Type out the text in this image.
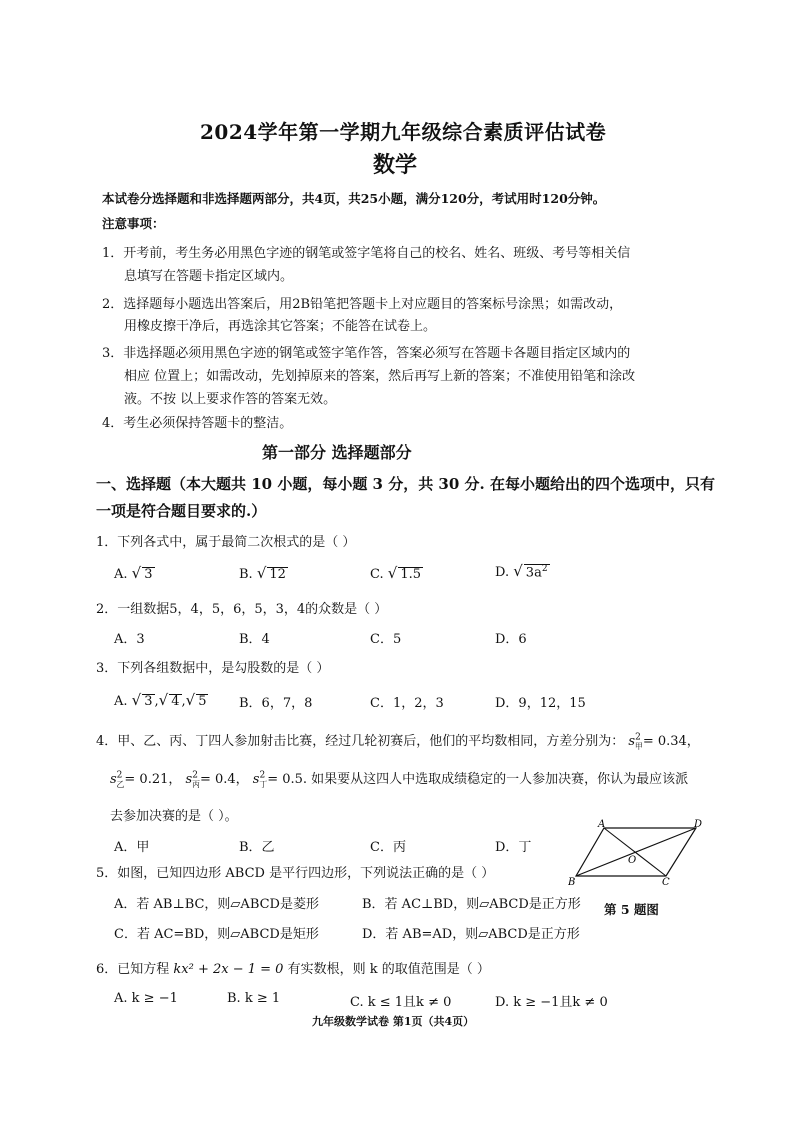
2024学年第一学期九年级综合素质评估试卷
数学
本试卷分选择题和非选择题两部分，共4页，共25小题，满分120分，考试用时120分钟。
注意事项：
1．开考前，考生务必用黑色字迹的钢笔或签字笔将自己的校名、姓名、班级、考号等相关信
息填写在答题卡指定区域内。
2．选择题每小题选出答案后，用2B铅笔把答题卡上对应题目的答案标号涂黑；如需改动，
用橡皮擦干净后，再选涂其它答案；不能答在试卷上。
3．非选择题必须用黑色字迹的钢笔或签字笔作答，答案必须写在答题卡各题目指定区域内的
相应 位置上；如需改动，先划掉原来的答案，然后再写上新的答案；不准使用铅笔和涂改
液。不按 以上要求作答的答案无效。
4．考生必须保持答题卡的整洁。
第一部分 选择题部分
一、选择题（本大题共 10 小题，每小题 3 分，共 30 分. 在每小题给出的四个选项中，只有
一项是符合题目要求的.）
1．下列各式中，属于最简二次根式的是（ ）
A. √ 3	B. √ 12	C. √ 1.5	D. √ $3a^2$
2．一组数据5，4，5，6，5，3，4的众数是（ ）
A．3	B．4	C．5	D．6
3．下列各组数据中，是勾股数的是（ ）
A. √ 3 ,√ 4 ,√ 5	B．6，7，8	C．1，2，3	D．9，12，15
4．甲、乙、丙、丁四人参加射击比赛，经过几轮初赛后，他们的平均数相同，方差分别为： $s^2_甲= 0.34$，
$s^2_乙= 0.21$， $s^2_丙= 0.4$， $s^2_丁= 0.5$. 如果要从这四人中选取成绩稳定的一人参加决赛，你认为最应该派
去参加决赛的是（ ）。
A．甲	B．乙	C．丙	D．丁
A	D
B	C
O
第 5 题图
5．如图，已知四边形 ABCD 是平行四边形，下列说法正确的是（ ）
A．若 AB⊥BC，则▱ABCD是菱形	B．若 AC⊥BD，则▱ABCD是正方形
C．若 AC=BD，则▱ABCD是矩形	D．若 AB=AD，则▱ABCD是正方形
6．已知方程 kx² + 2x − 1 = 0 有实数根，则 k 的取值范围是（ ）
A. k ≥ −1	B. k ≥ 1	C. k ≤ 1且k ≠ 0	D. k ≥ −1且k ≠ 0
九年级数学试卷 第1页（共4页）
